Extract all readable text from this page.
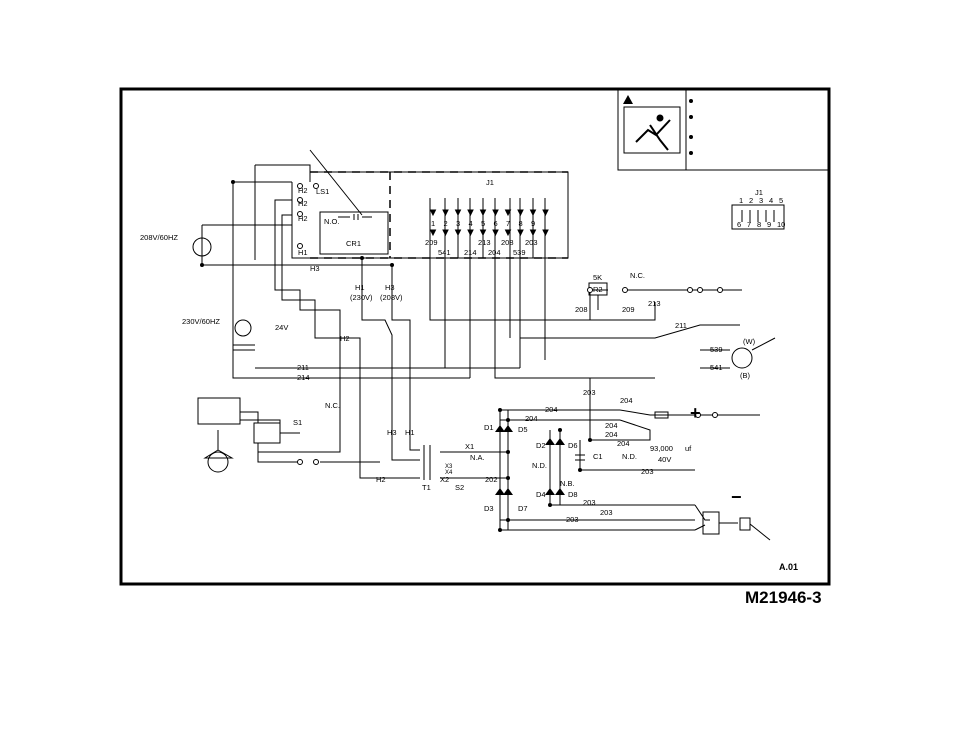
LS1
H2
H2
H2
H1
H3
208V/60HZ
230V/60HZ
24V
CR1
N.O.
H1
(230V)
H3
(208V)
J1
J1
H2
S1
N.C.
H3 H1
H2
T1	S2
X1
X2
X3
X4
N.A.
N.D.
N.B.
R2
5K	N.C.
93,000 uf
40V
C1	N.D.
(W)
(B)
D1
D2
D3
D4
D5
D6
D7
D8
209	213 208 203
541 214 204 539
208	209
213
211
211
214
539
541
203
204
204
204
204
204
204
202
203
203
203
203
1 2 3 4 5 6 7 8 9
1 2 3 4 5
6 7 8 9 10
+
−
A.01
M21946-3
